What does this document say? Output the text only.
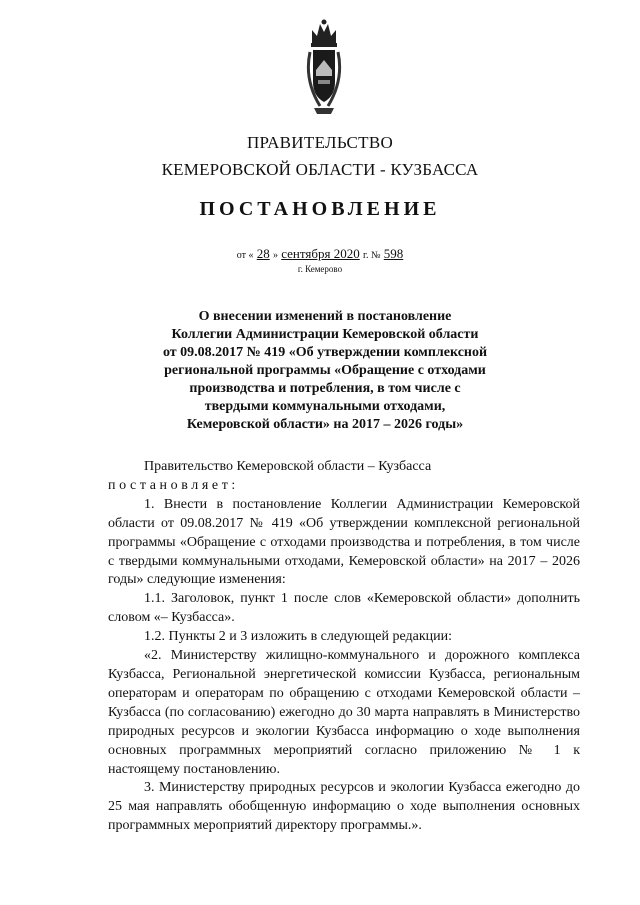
ПРАВИТЕЛЬСТВО
КЕМЕРОВСКОЙ ОБЛАСТИ - КУЗБАССА
ПОСТАНОВЛЕНИЕ
от « 28 » сентября 2020 г. № 598
г. Кемерово
О внесении изменений в постановление
Коллегии Администрации Кемеровской области
от 09.08.2017 № 419 «Об утверждении комплексной
региональной программы «Обращение с отходами
производства и потребления, в том числе с
твердыми коммунальными отходами,
Кемеровской области» на 2017 – 2026 годы»

Правительство Кемеровской области – Кузбасса

постановляет:

1. Внести в постановление Коллегии Администрации Кемеровской области от 09.08.2017 № 419 «Об утверждении комплексной региональной программы «Обращение с отходами производства и потребления, в том числе с твердыми коммунальными отходами, Кемеровской области» на 2017 – 2026 годы» следующие изменения:

1.1. Заголовок, пункт 1 после слов «Кемеровской области» дополнить словом «– Кузбасса».

1.2. Пункты 2 и 3 изложить в следующей редакции:

«2. Министерству жилищно-коммунального и дорожного комплекса Кузбасса, Региональной энергетической комиссии Кузбасса, региональным операторам и операторам по обращению с отходами Кемеровской области – Кузбасса (по согласованию) ежегодно до 30 марта направлять в Министерство природных ресурсов и экологии Кузбасса информацию о ходе выполнения основных программных мероприятий согласно приложению № 1 к настоящему постановлению.

3. Министерству природных ресурсов и экологии Кузбасса ежегодно до 25 мая направлять обобщенную информацию о ходе выполнения основных программных мероприятий директору программы.».
